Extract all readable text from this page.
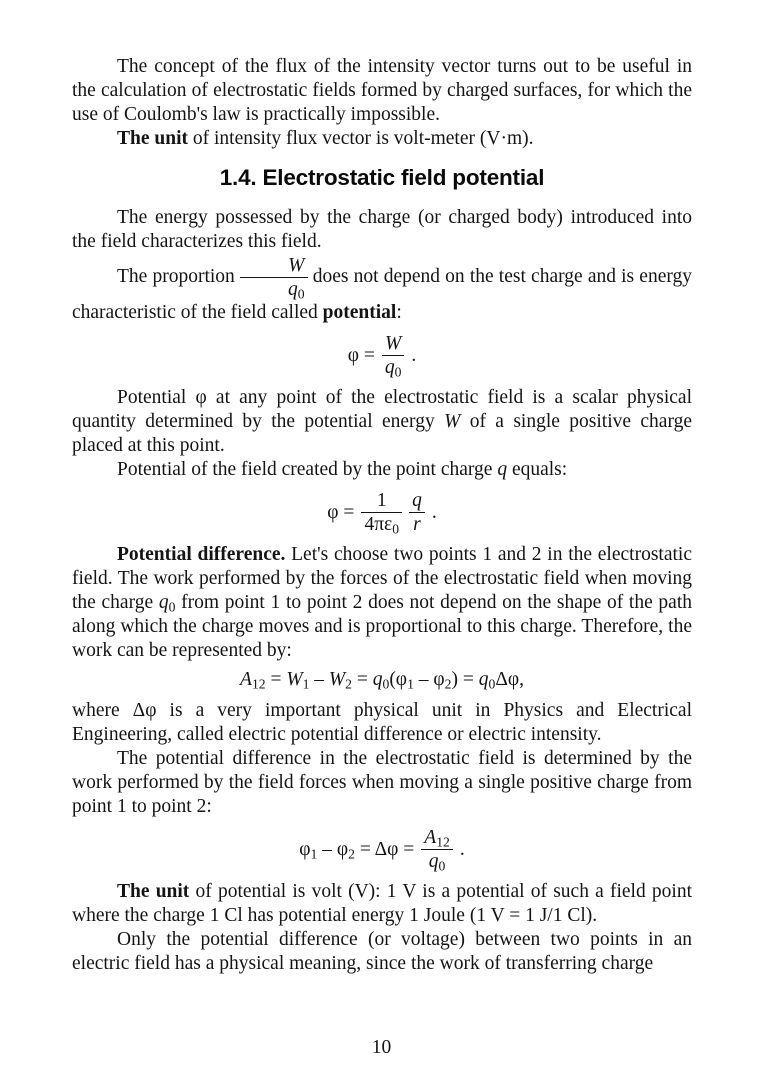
The concept of the flux of the intensity vector turns out to be useful in the calculation of electrostatic fields formed by charged surfaces, for which the use of Coulomb's law is practically impossible.

The unit of intensity flux vector is volt-meter (V·m).

1.4. Electrostatic field potential

The energy possessed by the charge (or charged body) introduced into the field characterizes this field.

The proportion $\frac{W}{q_0}$ does not depend on the test charge and is energy characteristic of the field called potential:

$\varphi = \frac{W}{q_0}$ .

Potential φ at any point of the electrostatic field is a scalar physical quantity determined by the potential energy W of a single positive charge placed at this point.

Potential of the field created by the point charge q equals:

$\varphi = \frac{1}{4\pi\varepsilon_0} \frac{q}{r}$ .

Potential difference. Let's choose two points 1 and 2 in the electrostatic field. The work performed by the forces of the electrostatic field when moving the charge $q_0$ from point 1 to point 2 does not depend on the shape of the path along which the charge moves and is proportional to this charge. Therefore, the work can be represented by:

$A_{12} = W_1 - W_2 = q_0(\varphi_1 - \varphi_2) = q_0\Delta\varphi$,

where Δφ is a very important physical unit in Physics and Electrical Engineering, called electric potential difference or electric intensity.

The potential difference in the electrostatic field is determined by the work performed by the field forces when moving a single positive charge from point 1 to point 2:

$\varphi_1 - \varphi_2 = \Delta\varphi = \frac{A_{12}}{q_0}$ .

The unit of potential is volt (V): 1 V is a potential of such a field point where the charge 1 Cl has potential energy 1 Joule (1 V = 1 J/1 Cl).

Only the potential difference (or voltage) between two points in an electric field has a physical meaning, since the work of transferring charge

10
